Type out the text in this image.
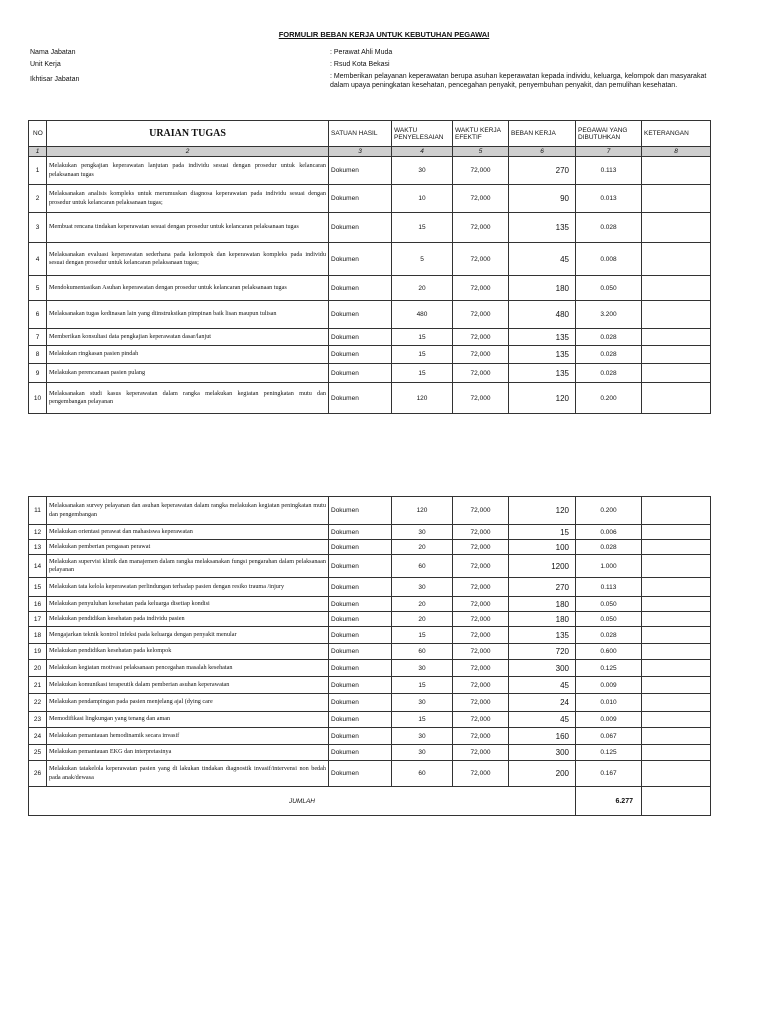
FORMULIR BEBAN KERJA UNTUK KEBUTUHAN PEGAWAI
Nama Jabatan	: Perawat Ahli Muda
Unit Kerja	: Rsud Kota Bekasi
Ikhtisar Jabatan	: Memberikan pelayanan keperawatan berupa asuhan keperawatan kepada individu, keluarga, kelompok dan masyarakat dalam upaya peningkatan kesehatan, pencegahan penyakit, penyembuhan penyakit, dan pemulihan kesehatan.
NO	URAIAN TUGAS	SATUAN HASIL	WAKTU PENYELESAIAN	WAKTU KERJA EFEKTIF	BEBAN KERJA	PEGAWAI YANG DIBUTUHKAN	KETERANGAN
1	2	3	4	5	6	7	8
1	Melakukan pengkajian keperawatan lanjutan pada individu sesuai dengan prosedur untuk kelancaran pelaksanaan tugas	Dokumen	30	72,000	270	0.113	
2	Melaksanakan analisis kompleks untuk merumuskan diagnosa keperawatan pada individu sesuai dengan prosedur untuk kelancaran pelaksanaan tugas;	Dokumen	10	72,000	90	0.013	
3	Membuat rencana tindakan keperawatan sesuai dengan prosedur untuk kelancaran pelaksanaan tugas	Dokumen	15	72,000	135	0.028	
4	Melaksanakan evaluasi keperawatan sederhana pada kelompok dan keperawatan kompleks pada individu sesuai dengan prosedur untuk kelancaran pelaksanaan tugas;	Dokumen	5	72,000	45	0.008	
5	Mendokumentasikan Asuhan keperawatan dengan prosedur untuk kelancaran pelaksanaan tugas	Dokumen	20	72,000	180	0.050	
6	Melaksanakan tugas kedinasan lain yang diinstruksikan pimpinan baik lisan maupun tulisan	Dokumen	480	72,000	480	3.200	
7	Memberikan konsultasi data pengkajian keperawatan dasar/lanjut	Dokumen	15	72,000	135	0.028	
8	Melakukan ringkasan pasien pindah	Dokumen	15	72,000	135	0.028	
9	Melakukan perencanaan pasien pulang	Dokumen	15	72,000	135	0.028	
10	Melaksanakan studi kasus keperawatan dalam rangka melakukan kegiatan peningkatan mutu dan pengembangan pelayanan	Dokumen	120	72,000	120	0.200	
11	Melaksanakan survey pelayanan dan asuhan keperawatan dalam rangka melakukan kegiatan peningkatan mutu dan pengembangan	Dokumen	120	72,000	120	0.200	
12	Melakukan orientasi perawat dan mahasiswa keperawatan	Dokumen	30	72,000	15	0.006	
13	Melakukan pemberian pengasan perawat	Dokumen	20	72,000	100	0.028	
14	Melakukan supervisi klinik dan manajemen dalam rangka melaksanakan fungsi pengarahan dalam pelaksanaan pelayanan	Dokumen	60	72,000	1200	1.000	
15	Melakukan tata kelola keperawatan perlindungan terhadap pasien dengan resiko trauma /injury	Dokumen	30	72,000	270	0.113	
16	Melakukan penyuluhan kesehatan pada keluarga disetiap kondisi	Dokumen	20	72,000	180	0.050	
17	Melakukan pendidikan kesehatan pada individu pasien	Dokumen	20	72,000	180	0.050	
18	Mengajarkan teknik kontrol infeksi pada keluarga dengan penyakit menular	Dokumen	15	72,000	135	0.028	
19	Melakukan pendidikan kesehatan pada kelompok	Dokumen	60	72,000	720	0.600	
20	Melakukan kegiatan motivasi pelaksanaan pencegahan masalah kesehatan	Dokumen	30	72,000	300	0.125	
21	Melakukan komunikasi terapeutik dalam pemberian asuhan keperawatan	Dokumen	15	72,000	45	0.009	
22	Melakukan pendampingan pada pasien menjelang ajal (dying care	Dokumen	30	72,000	24	0.010	
23	Memodifikasi lingkungan yang tenang dan aman	Dokumen	15	72,000	45	0.009	
24	Melakukan pemantauan hemodinamik secara invasif	Dokumen	30	72,000	160	0.067	
25	Melakukan pemantauan EKG dan interpretasinya	Dokumen	30	72,000	300	0.125	
26	Melakukan tatakelola keperawatan pasien yang di lakukan tindakan diagnostik invasif/intervensi non bedah pada anak/dewasa	Dokumen	60	72,000	200	0.167	
JUMLAH						6.277	
